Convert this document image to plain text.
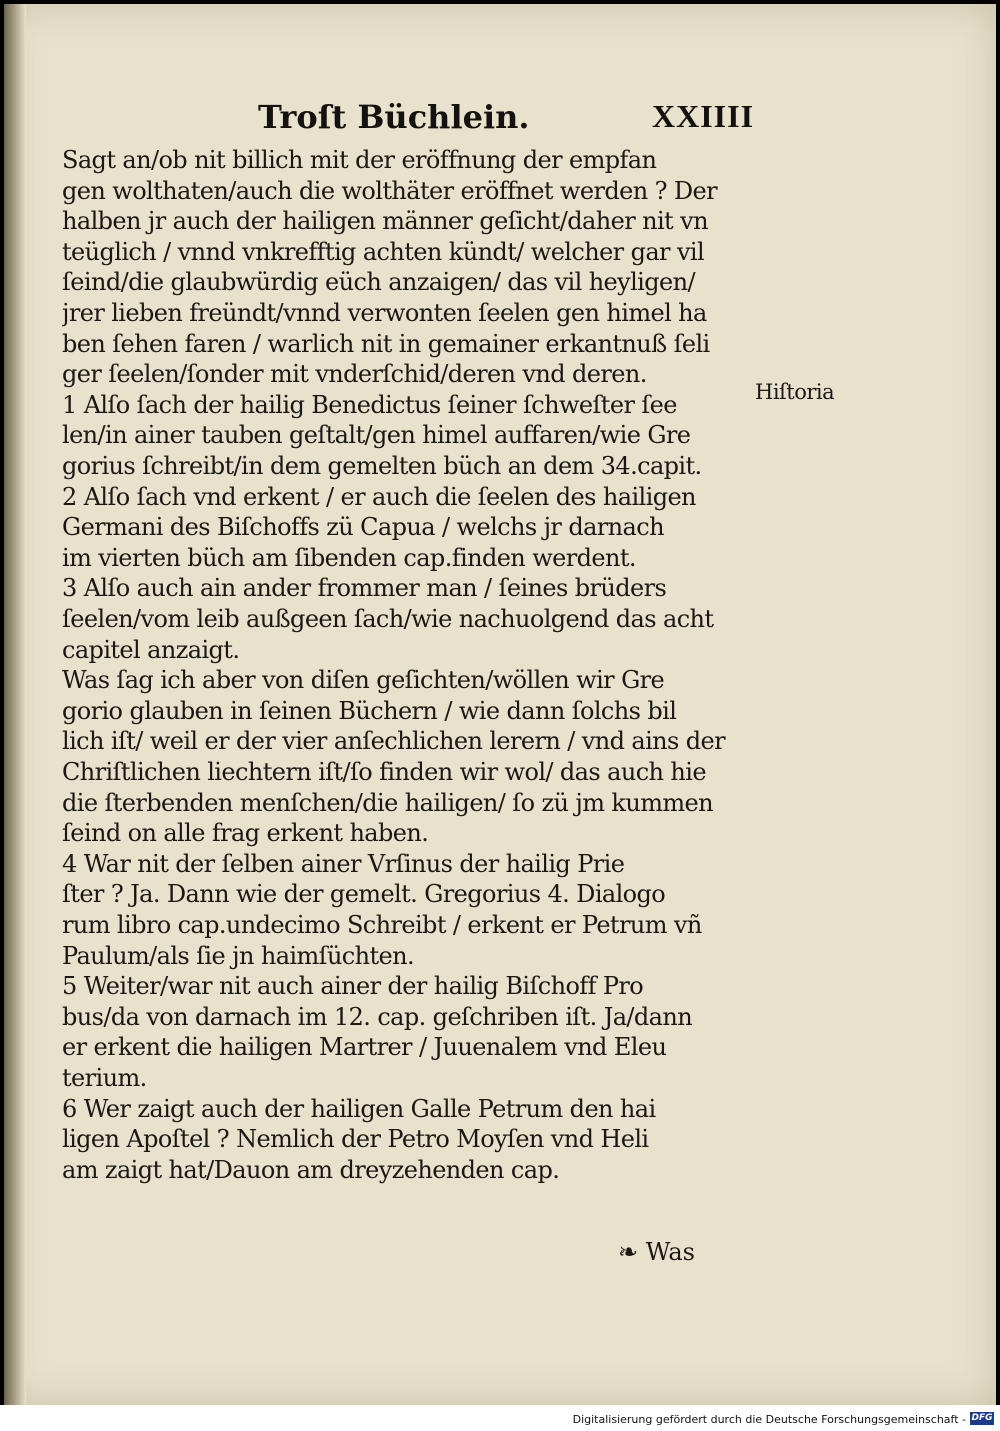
Troſt Büchlein.	XXIIII
Sagt an/ob nit billich mit der eröffnung der empfan
gen wolthaten/auch die wolthäter eröffnet werden ? Der
halben jr auch der hailigen männer geſicht/daher nit vn
teüglich / vnnd vnkrefftig achten kündt/ welcher gar vil
ſeind/die glaubwürdig eüch anzaigen/ das vil heyligen/
jrer lieben freündt/vnnd verwonten ſeelen gen himel ha
ben ſehen faren / warlich nit in gemainer erkantnuß ſeli
ger ſeelen/ſonder mit vnderſchid/deren vnd deren.
1 Alſo ſach der hailig Benedictus ſeiner ſchweſter ſee
len/in ainer tauben geſtalt/gen himel auffaren/wie Gre
gorius ſchreibt/in dem gemelten büch an dem 34.capit.
2 Alſo ſach vnd erkent / er auch die ſeelen des hailigen
Germani des Biſchoffs zü Capua / welchs jr darnach
im vierten büch am ſibenden cap.finden werdent.
3 Alſo auch ain ander frommer man / ſeines brüders
ſeelen/vom leib außgeen ſach/wie nachuolgend das acht
capitel anzaigt.
Was ſag ich aber von diſen geſichten/wöllen wir Gre
gorio glauben in ſeinen Büchern / wie dann ſolchs bil
lich iſt/ weil er der vier anſechlichen lerern / vnd ains der
Chriſtlichen liechtern iſt/ſo finden wir wol/ das auch hie
die ſterbenden menſchen/die hailigen/ ſo zü jm kummen
ſeind on alle frag erkent haben.
4 War nit der ſelben ainer Vrſinus der hailig Prie
ſter ? Ja. Dann wie der gemelt. Gregorius 4. Dialogo
rum libro cap.undecimo Schreibt / erkent er Petrum vñ
Paulum/als ſie jn haimſüchten.
5 Weiter/war nit auch ainer der hailig Biſchoff Pro
bus/da von darnach im 12. cap. geſchriben iſt. Ja/dann
er erkent die hailigen Martrer / Juuenalem vnd Eleu
terium.
6 Wer zaigt auch der hailigen Galle Petrum den hai
ligen Apoſtel ? Nemlich der Petro Moyſen vnd Heli
am zaigt hat/Dauon am dreyzehenden cap.
Hiſtoria
❧ Was
Digitalisierung gefördert durch die Deutsche Forschungsgemeinschaft - DFG
